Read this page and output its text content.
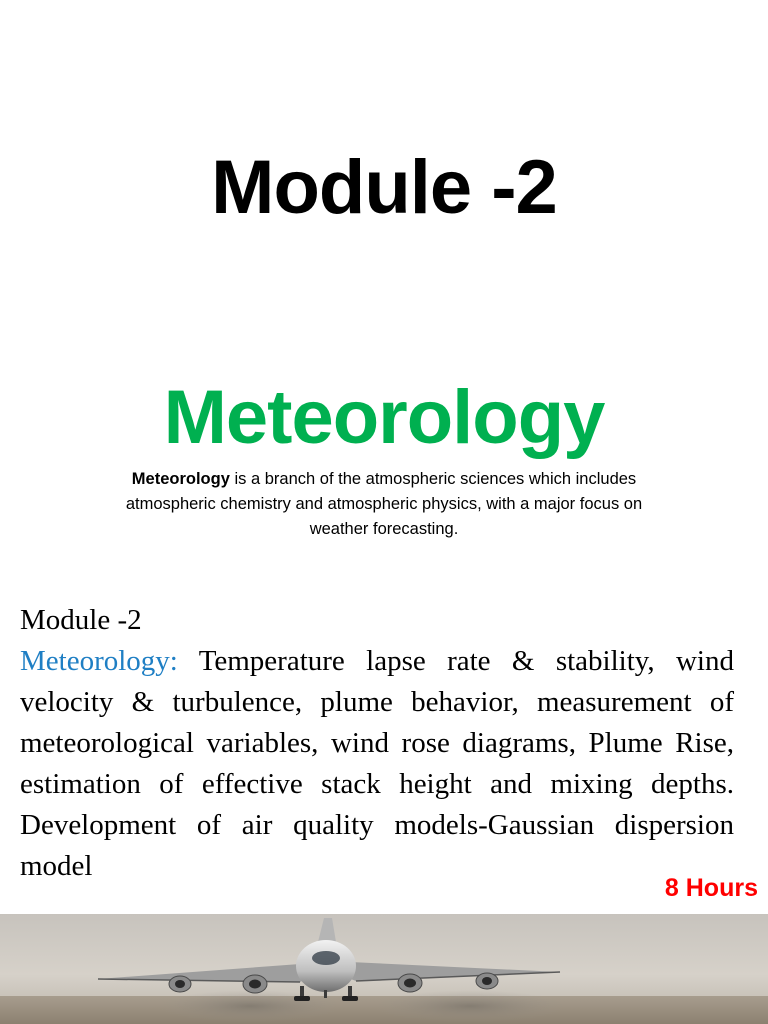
Module -2
Meteorology
Meteorology is a branch of the atmospheric sciences which includes atmospheric chemistry and atmospheric physics, with a major focus on weather forecasting.
Module -2
Meteorology: Temperature lapse rate & stability, wind velocity & turbulence, plume behavior, measurement of meteorological variables, wind rose diagrams, Plume Rise, estimation of effective stack height and mixing depths. Development of air quality models-Gaussian dispersion model
8 Hours
